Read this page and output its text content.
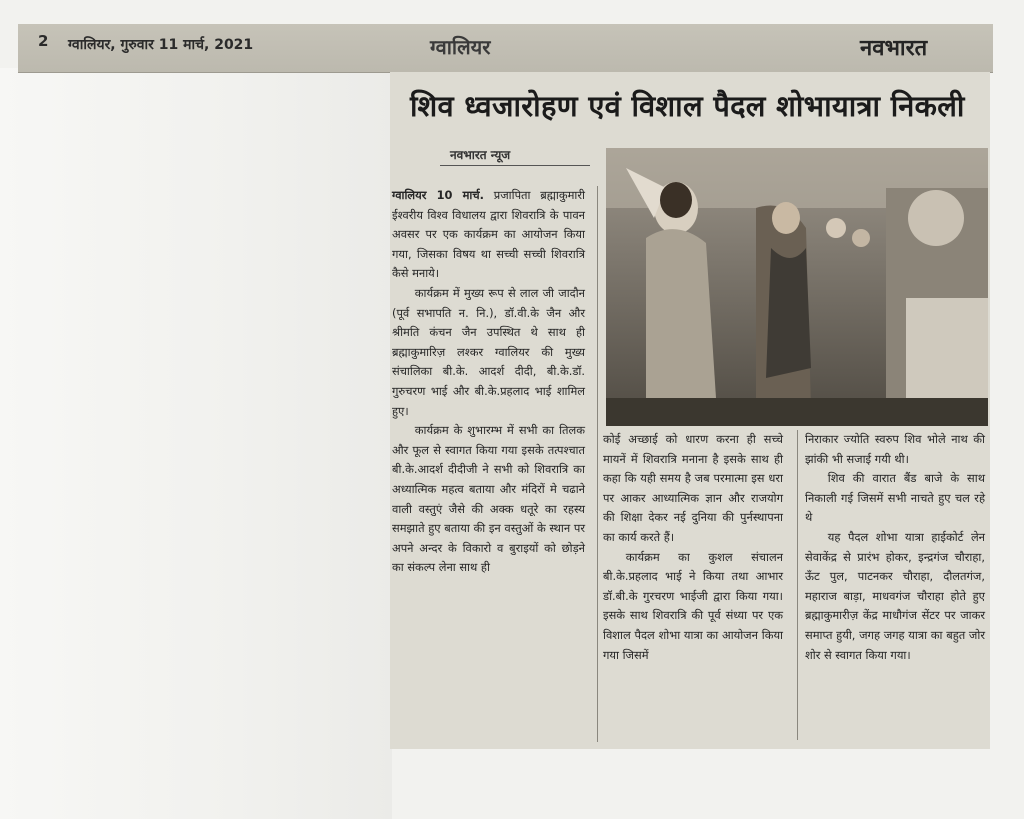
2 ग्वालियर, गुरुवार 11 मार्च, 2021	ग्वालियर	नवभारत
शिव ध्वजारोहण एवं विशाल पैदल शोभायात्रा निकली
नवभारत न्यूज

ग्वालियर 10 मार्च. प्रजापिता ब्रह्माकुमारी ईश्वरीय विश्व विधालय द्वारा शिवरात्रि के पावन अवसर पर एक कार्यक्रम का आयोजन किया गया, जिसका विषय था सच्ची सच्ची शिवरात्रि कैसे मनाये।

कार्यक्रम में मुख्य रूप से लाल जी जादौन (पूर्व सभापति न. नि.), डॉ.वी.के जैन और श्रीमति कंचन जैन उपस्थित थे साथ ही ब्रह्माकुमारिज़ लश्कर ग्वालियर की मुख्य संचालिका बी.के. आदर्श दीदी, बी.के.डॉ. गुरुचरण भाई और बी.के.प्रहलाद भाई शामिल हुए।

कार्यक्रम के शुभारम्भ में सभी का तिलक और फूल से स्वागत किया गया इसके तत्पश्चात बी.के.आदर्श दीदीजी ने सभी को शिवरात्रि का अध्यात्मिक महत्व बताया और मंदिरों मे चढाने वाली वस्तुएं जैसे की अक्क धतूरे का रहस्य समझाते हुए बताया की इन वस्तुओं के स्थान पर अपने अन्दर के विकारो व बुराइयों को छोड़ने का संकल्प लेना साथ ही

कोई अच्छाई को धारण करना ही सच्चे मायनें में शिवरात्रि मनाना है इसके साथ ही कहा कि यही समय है जब परमात्मा इस धरा पर आकर आध्यात्मिक ज्ञान और राजयोग की शिक्षा देकर नई दुनिया की पुर्नस्थापना का कार्य करते हैं।

कार्यक्रम का कुशल संचालन बी.के.प्रहलाद भाई ने किया तथा आभार डॉ.बी.के गुरचरण भाईजी द्वारा किया गया। इसके साथ शिवरात्रि की पूर्व संध्या पर एक विशाल पैदल शोभा यात्रा का आयोजन किया गया जिसमें

निराकार ज्योति स्वरुप शिव भोले नाथ की झांकी भी सजाई गयी थी।

शिव की वारात बैंड बाजे के साथ निकाली गई जिसमें सभी नाचते हुए चल रहे थे

यह पैदल शोभा यात्रा हाईकोर्ट लेन सेवाकेंद्र से प्रारंभ होकर, इन्द्रगंज चौराहा, ऊँट पुल, पाटनकर चौराहा, दौलतगंज, महाराज बाड़ा, माधवगंज चौराहा होते हुए ब्रह्माकुमारीज़ केंद्र माधौगंज सेंटर पर जाकर समाप्त हुयी, जगह जगह यात्रा का बहुत जोर शोर से स्वागत किया गया।
